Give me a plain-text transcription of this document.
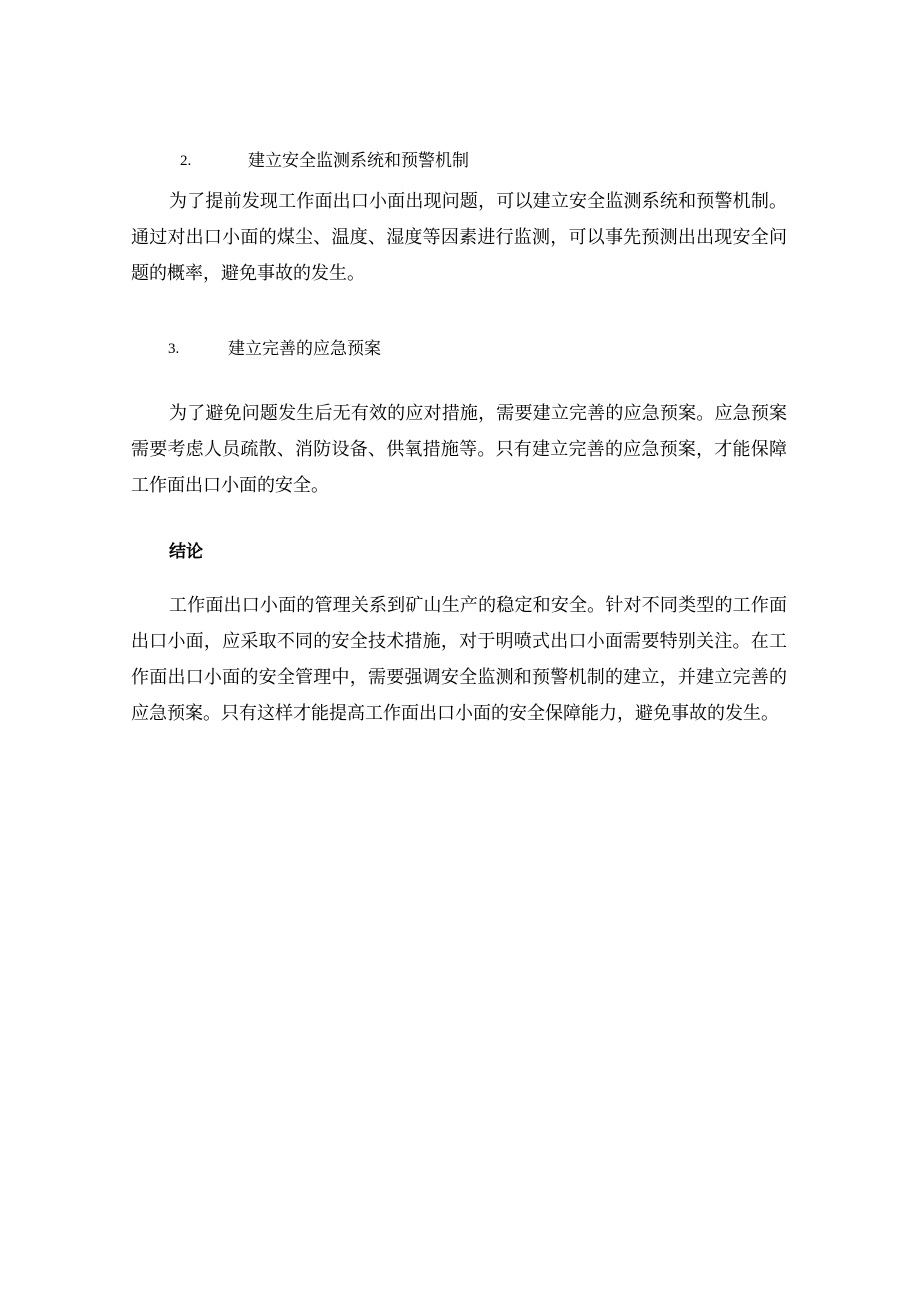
2.	建立安全监测系统和预警机制
为了提前发现工作面出口小面出现问题，可以建立安全监测系统和预警机制。通过对出口小面的煤尘、温度、湿度等因素进行监测，可以事先预测出出现安全问题的概率，避免事故的发生。
3.	建立完善的应急预案
为了避免问题发生后无有效的应对措施，需要建立完善的应急预案。应急预案需要考虑人员疏散、消防设备、供氧措施等。只有建立完善的应急预案，才能保障工作面出口小面的安全。
结论
工作面出口小面的管理关系到矿山生产的稳定和安全。针对不同类型的工作面出口小面，应采取不同的安全技术措施，对于明喷式出口小面需要特别关注。在工作面出口小面的安全管理中，需要强调安全监测和预警机制的建立，并建立完善的应急预案。只有这样才能提高工作面出口小面的安全保障能力，避免事故的发生。
